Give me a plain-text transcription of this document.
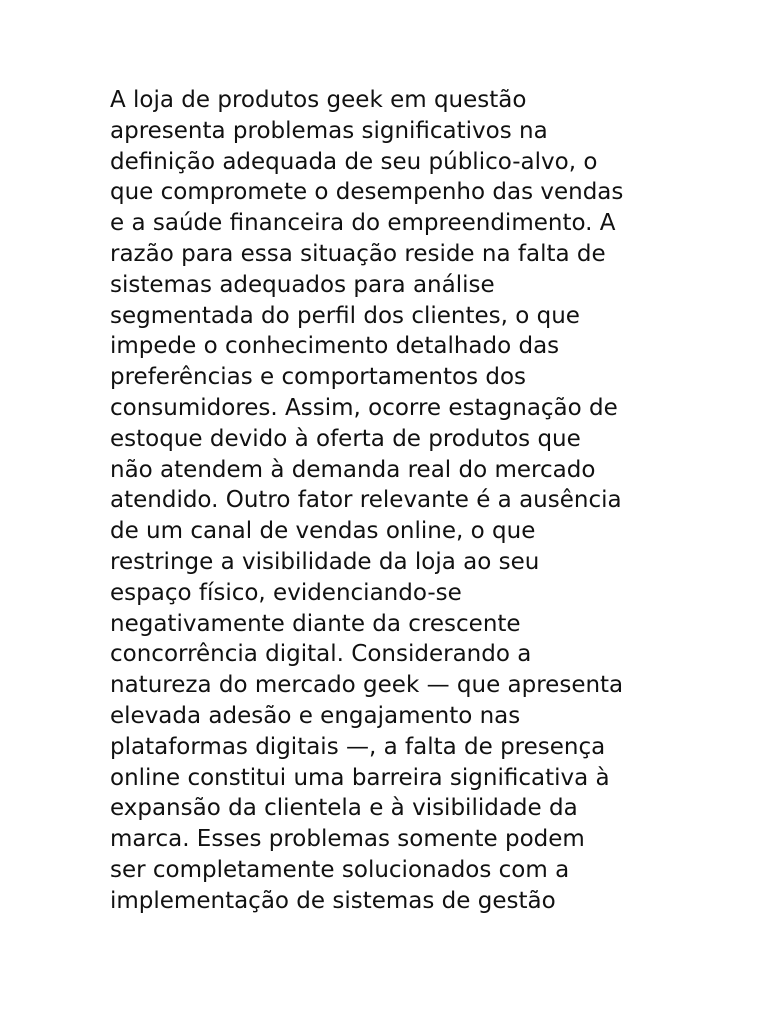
A loja de produtos geek em questão
apresenta problemas significativos na
definição adequada de seu público-alvo, o
que compromete o desempenho das vendas
e a saúde financeira do empreendimento. A
razão para essa situação reside na falta de
sistemas adequados para análise
segmentada do perfil dos clientes, o que
impede o conhecimento detalhado das
preferências e comportamentos dos
consumidores. Assim, ocorre estagnação de
estoque devido à oferta de produtos que
não atendem à demanda real do mercado
atendido. Outro fator relevante é a ausência
de um canal de vendas online, o que
restringe a visibilidade da loja ao seu
espaço físico, evidenciando-se
negativamente diante da crescente
concorrência digital. Considerando a
natureza do mercado geek — que apresenta
elevada adesão e engajamento nas
plataformas digitais —, a falta de presença
online constitui uma barreira significativa à
expansão da clientela e à visibilidade da
marca. Esses problemas somente podem
ser completamente solucionados com a
implementação de sistemas de gestão
